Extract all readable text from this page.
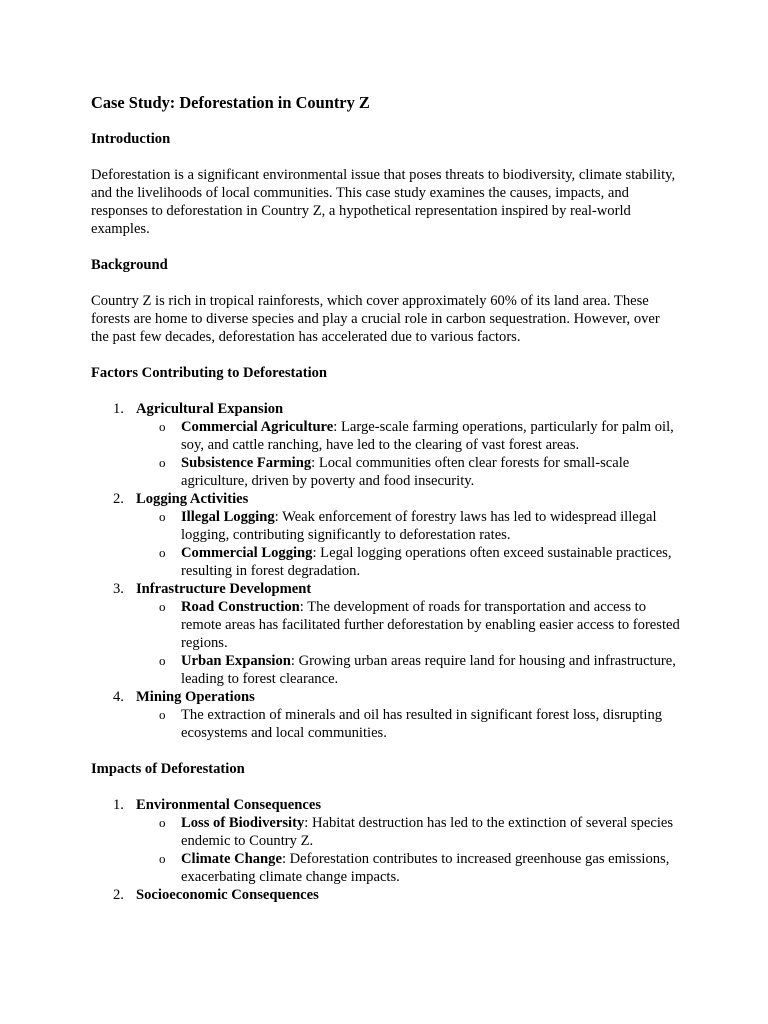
Case Study: Deforestation in Country Z
Introduction

Deforestation is a significant environmental issue that poses threats to biodiversity, climate stability, and the livelihoods of local communities. This case study examines the causes, impacts, and responses to deforestation in Country Z, a hypothetical representation inspired by real-world examples.

Background

Country Z is rich in tropical rainforests, which cover approximately 60% of its land area. These forests are home to diverse species and play a crucial role in carbon sequestration. However, over the past few decades, deforestation has accelerated due to various factors.

Factors Contributing to Deforestation
1. Agricultural Expansion
o Commercial Agriculture: Large-scale farming operations, particularly for palm oil, soy, and cattle ranching, have led to the clearing of vast forest areas.
o Subsistence Farming: Local communities often clear forests for small-scale agriculture, driven by poverty and food insecurity.
2. Logging Activities
o Illegal Logging: Weak enforcement of forestry laws has led to widespread illegal logging, contributing significantly to deforestation rates.
o Commercial Logging: Legal logging operations often exceed sustainable practices, resulting in forest degradation.
3. Infrastructure Development
o Road Construction: The development of roads for transportation and access to remote areas has facilitated further deforestation by enabling easier access to forested regions.
o Urban Expansion: Growing urban areas require land for housing and infrastructure, leading to forest clearance.
4. Mining Operations
o The extraction of minerals and oil has resulted in significant forest loss, disrupting ecosystems and local communities.
Impacts of Deforestation
1. Environmental Consequences
o Loss of Biodiversity: Habitat destruction has led to the extinction of several species endemic to Country Z.
o Climate Change: Deforestation contributes to increased greenhouse gas emissions, exacerbating climate change impacts.
2. Socioeconomic Consequences
